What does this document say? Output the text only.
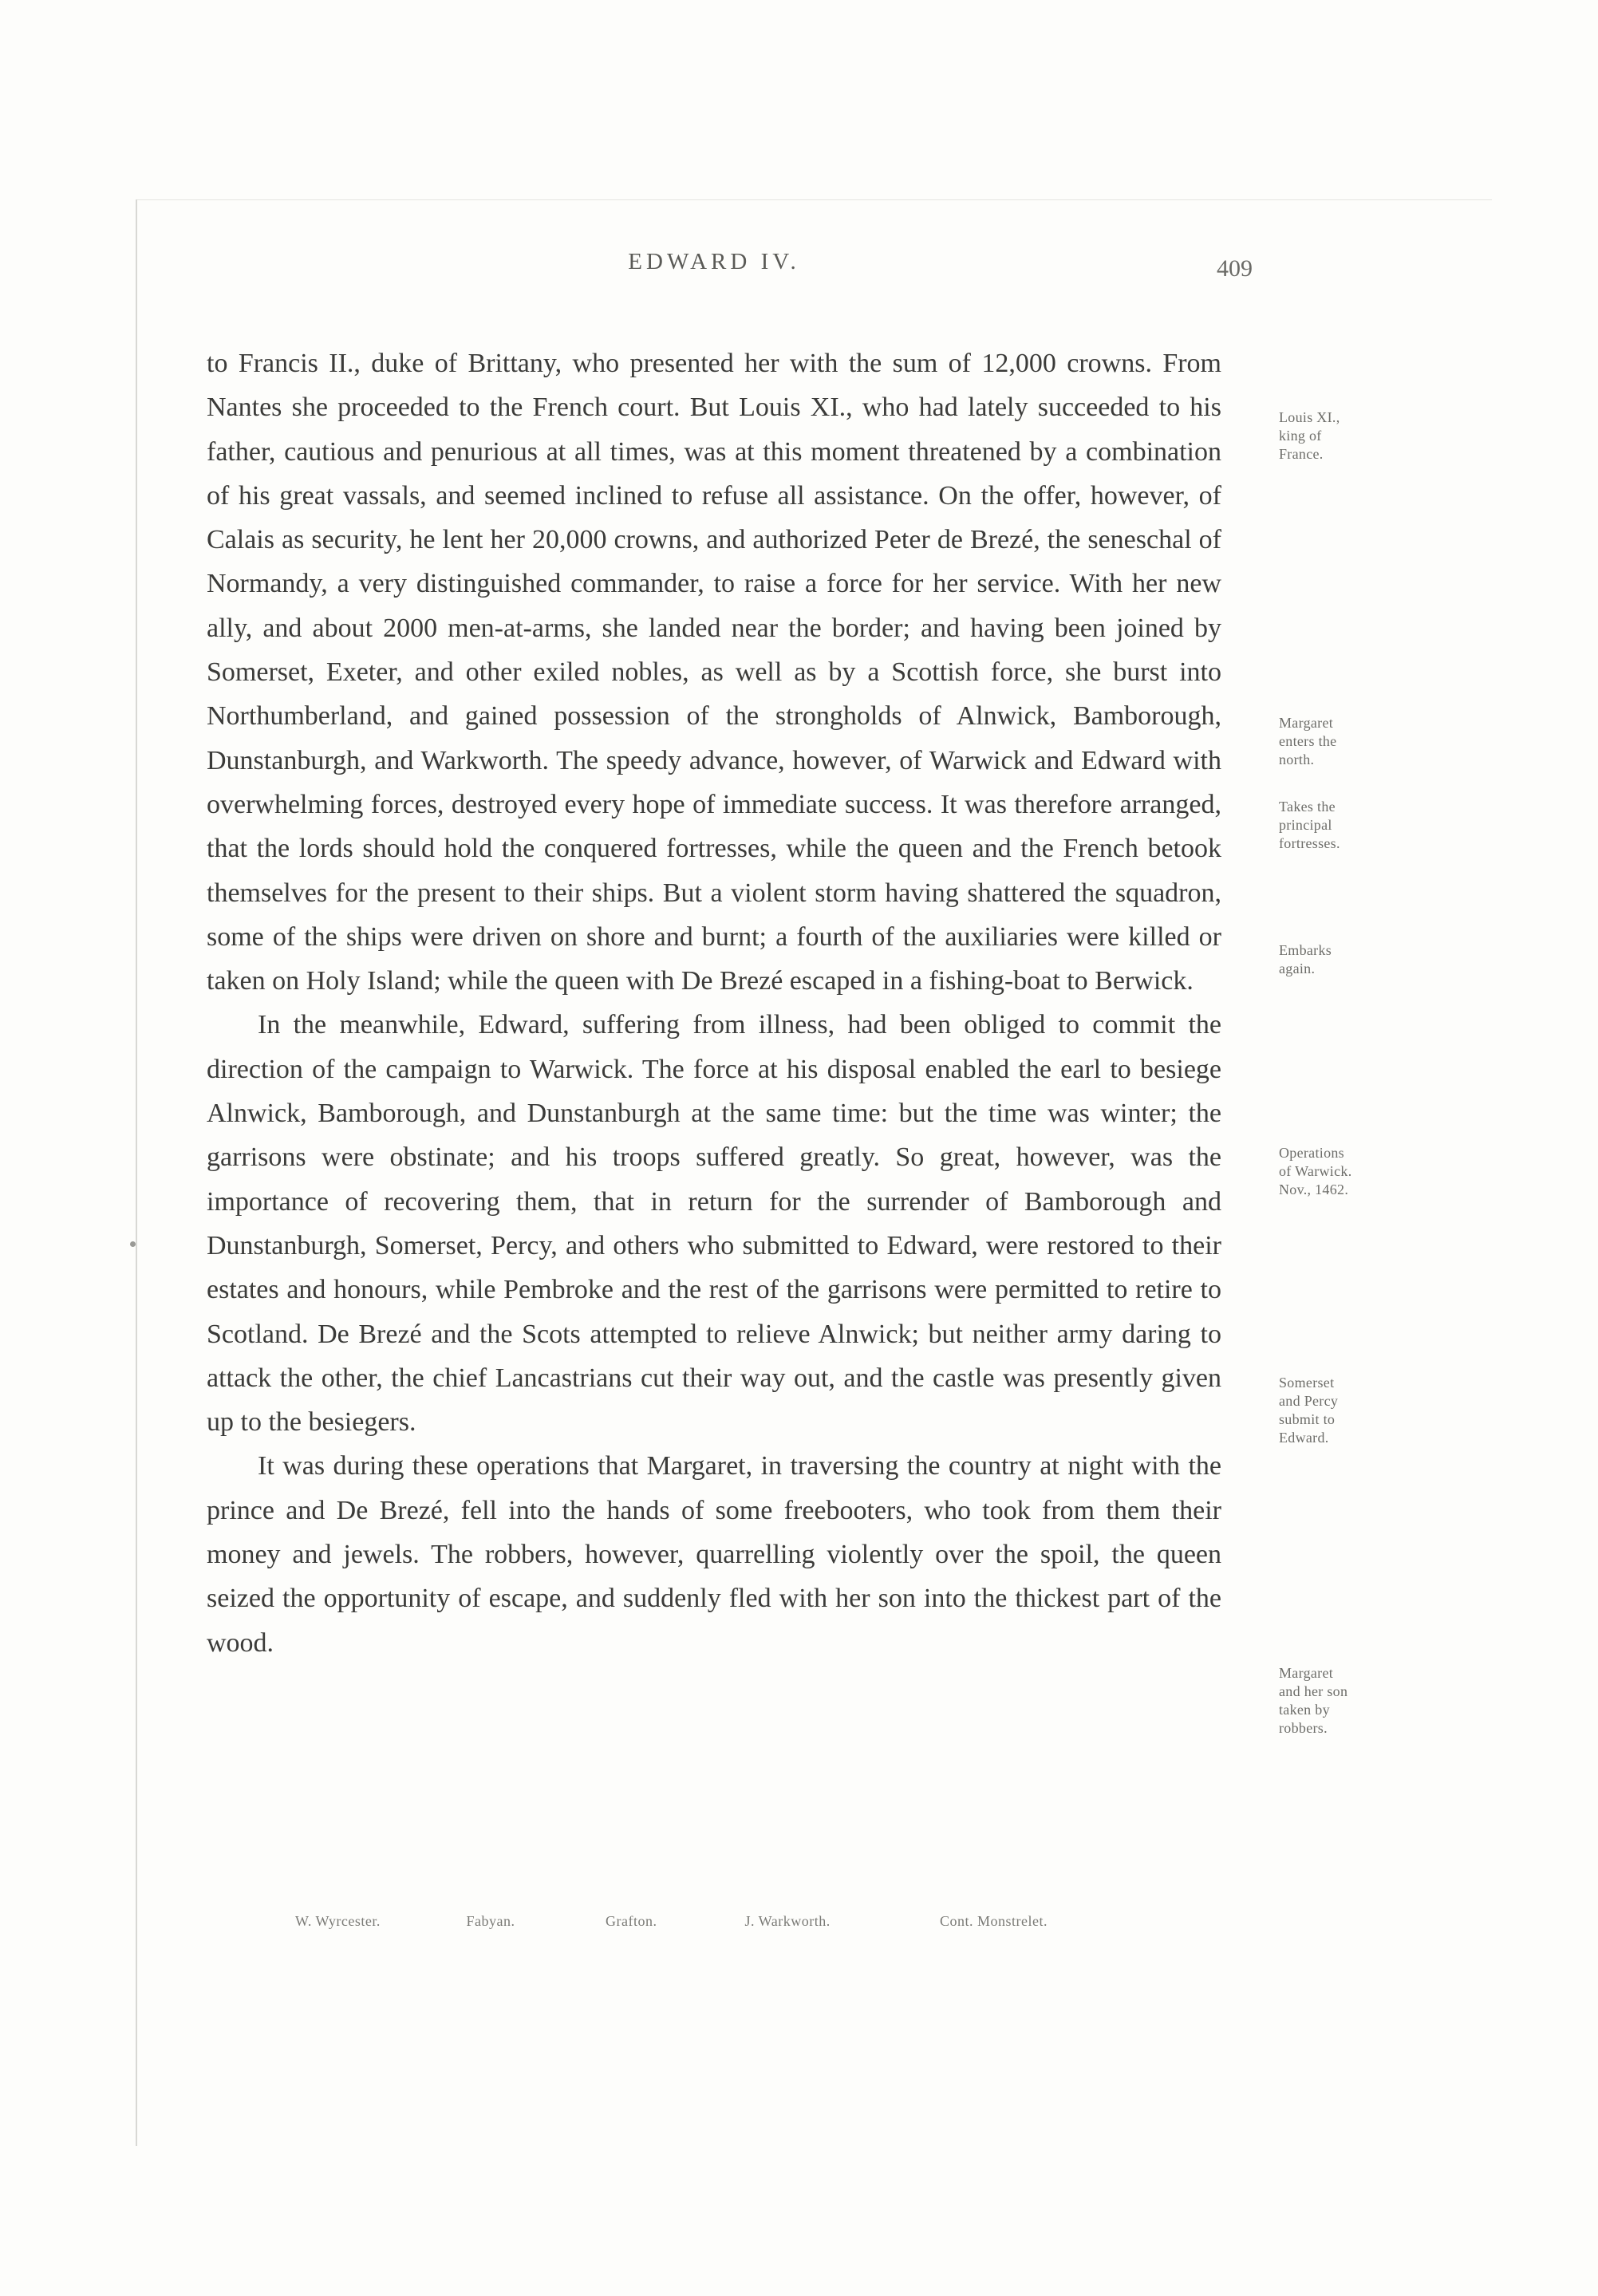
EDWARD IV.	409

to Francis II., duke of Brittany, who presented her with the sum of 12,000 crowns. From Nantes she proceeded to the French court. But Louis XI., who had lately succeeded to his father, cautious and penurious at all times, was at this moment threatened by a combination of his great vassals, and seemed inclined to refuse all assistance. On the offer, however, of Calais as security, he lent her 20,000 crowns, and authorized Peter de Brezé, the seneschal of Normandy, a very distinguished commander, to raise a force for her service. With her new ally, and about 2000 men-at-arms, she landed near the border; and having been joined by Somerset, Exeter, and other exiled nobles, as well as by a Scottish force, she burst into Northumberland, and gained possession of the strongholds of Alnwick, Bamborough, Dunstanburgh, and Warkworth. The speedy advance, however, of Warwick and Edward with overwhelming forces, destroyed every hope of immediate success. It was therefore arranged, that the lords should hold the conquered fortresses, while the queen and the French betook themselves for the present to their ships. But a violent storm having shattered the squadron, some of the ships were driven on shore and burnt; a fourth of the auxiliaries were killed or taken on Holy Island; while the queen with De Brezé escaped in a fishing-boat to Berwick.

In the meanwhile, Edward, suffering from illness, had been obliged to commit the direction of the campaign to Warwick. The force at his disposal enabled the earl to besiege Alnwick, Bamborough, and Dunstanburgh at the same time: but the time was winter; the garrisons were obstinate; and his troops suffered greatly. So great, however, was the importance of recovering them, that in return for the surrender of Bamborough and Dunstanburgh, Somerset, Percy, and others who submitted to Edward, were restored to their estates and honours, while Pembroke and the rest of the garrisons were permitted to retire to Scotland. De Brezé and the Scots attempted to relieve Alnwick; but neither army daring to attack the other, the chief Lancastrians cut their way out, and the castle was presently given up to the besiegers.

It was during these operations that Margaret, in traversing the country at night with the prince and De Brezé, fell into the hands of some freebooters, who took from them their money and jewels. The robbers, however, quarrelling violently over the spoil, the queen seized the opportunity of escape, and suddenly fled with her son into the thickest part of the wood.

Louis XI.,
king of
France.
Margaret
enters the
north.
Takes the
principal
fortresses.
Embarks
again.
Operations
of Warwick.
Nov., 1462.
Somerset
and Percy
submit to
Edward.
Margaret
and her son
taken by
robbers.
W. Wyrcester.	Fabyan.	Grafton.	J. Warkworth.	Cont. Monstrelet.
